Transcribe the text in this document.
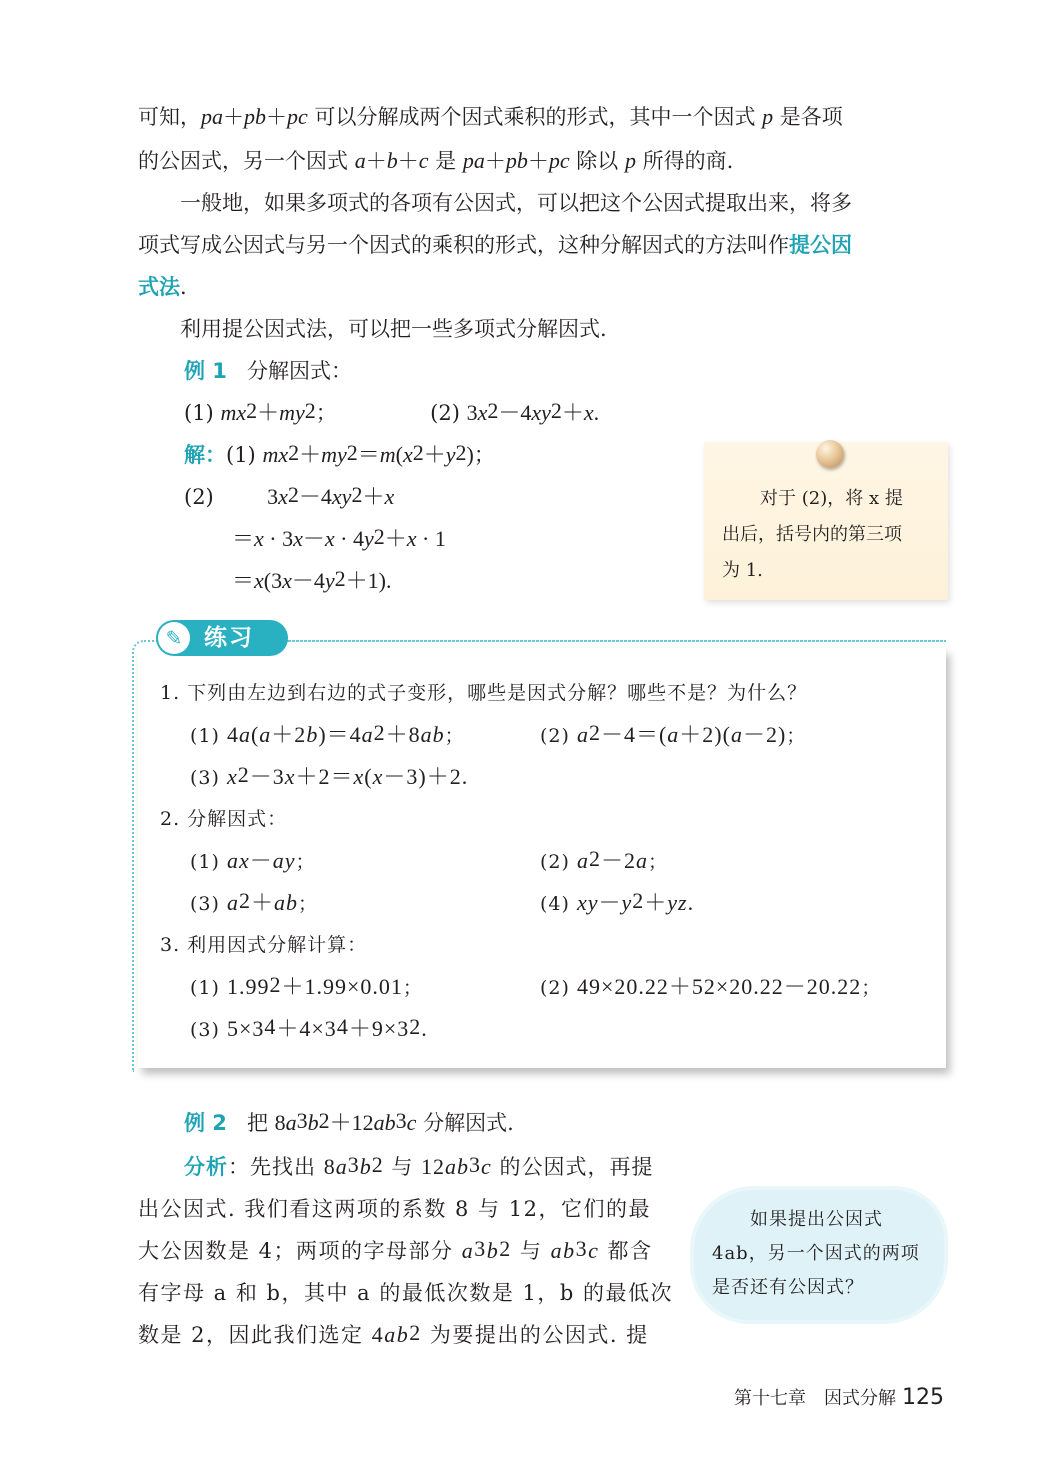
可知，pa＋pb＋pc 可以分解成两个因式乘积的形式，其中一个因式 p 是各项
的公因式，另一个因式 a＋b＋c 是 pa＋pb＋pc 除以 p 所得的商.
一般地，如果多项式的各项有公因式，可以把这个公因式提取出来，将多
项式写成公因式与另一个因式的乘积的形式，这种分解因式的方法叫作提公因
式法.
利用提公因式法，可以把一些多项式分解因式.
例 1 分解因式：
(1) $mx^2+my^2$；	(2) $3x^2-4xy^2+x$.
解：(1) $mx^2+my^2=m(x^2+y^2)$；
(2) $3x^2-4xy^2+x$
$=x \cdot 3x-x \cdot 4y^2+x \cdot 1$
$=x(3x-4y^2+1)$.
对于 (2)，将 x 提
出后，括号内的第三项
为 1.
✎ 练习
1. 下列由左边到右边的式子变形，哪些是因式分解？哪些不是？为什么？
(1) $4a(a+2b)=4a^2+8ab$；	(2) $a^2-4=(a+2)(a-2)$；
(3) $x^2-3x+2=x(x-3)+2$.
2. 分解因式：
(1) ax－ay；	(2) $a^2-2a$；
(3) $a^2+ab$；	(4) $xy-y^2+yz$.
3. 利用因式分解计算：
(1) $1.99^2+1.99\times 0.01$；	(2) 49×20.22＋52×20.22－20.22；
(3) $5\times 3^4+4\times 3^4+9\times 3^2$.
例 2 把 $8a^3b^2+12ab^3c$ 分解因式.
分析：先找出 $8a^3b^2$ 与 $12ab^3c$ 的公因式，再提
出公因式. 我们看这两项的系数 8 与 12，它们的最
大公因数是 4；两项的字母部分 $a^3b^2$ 与 $ab^3c$ 都含
有字母 a 和 b，其中 a 的最低次数是 1，b 的最低次
数是 2，因此我们选定 $4ab^2$ 为要提出的公因式. 提
如果提出公因式
4ab，另一个因式的两项
是否还有公因式？
第十七章　因式分解 125
